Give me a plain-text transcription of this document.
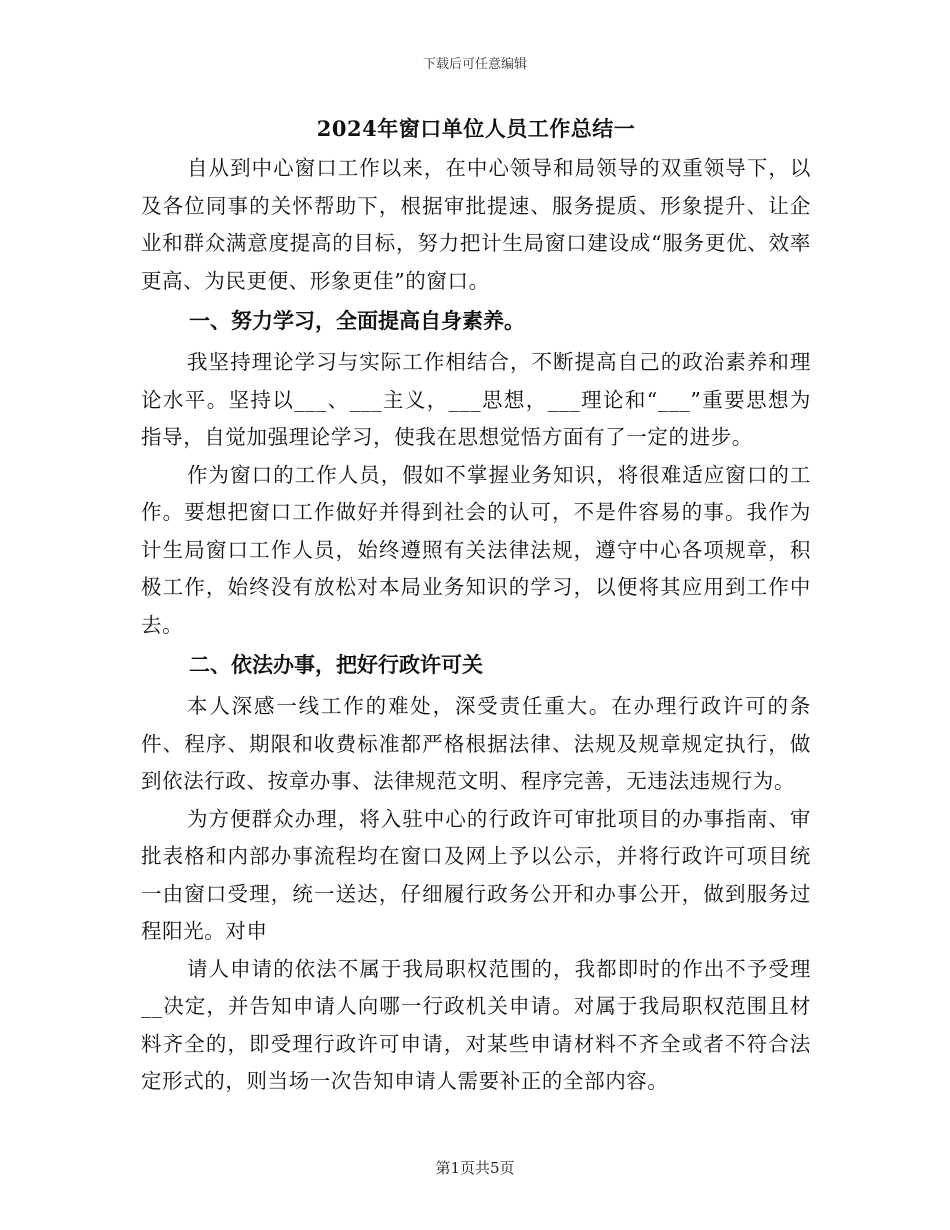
下载后可任意编辑
2024年窗口单位人员工作总结一

自从到中心窗口工作以来，在中心领导和局领导的双重领导下，以及各位同事的关怀帮助下，根据审批提速、服务提质、形象提升、让企业和群众满意度提高的目标，努力把计生局窗口建设成“服务更优、效率更高、为民更便、形象更佳”的窗口。

一、努力学习，全面提高自身素养。

我坚持理论学习与实际工作相结合，不断提高自己的政治素养和理论水平。坚持以___、___主义，___思想，___理论和“___”重要思想为指导，自觉加强理论学习，使我在思想觉悟方面有了一定的进步。

作为窗口的工作人员，假如不掌握业务知识，将很难适应窗口的工作。要想把窗口工作做好并得到社会的认可，不是件容易的事。我作为计生局窗口工作人员，始终遵照有关法律法规，遵守中心各项规章，积极工作，始终没有放松对本局业务知识的学习，以便将其应用到工作中去。

二、依法办事，把好行政许可关

本人深感一线工作的难处，深受责任重大。在办理行政许可的条件、程序、期限和收费标准都严格根据法律、法规及规章规定执行，做到依法行政、按章办事、法律规范文明、程序完善，无违法违规行为。

为方便群众办理，将入驻中心的行政许可审批项目的办事指南、审批表格和内部办事流程均在窗口及网上予以公示，并将行政许可项目统一由窗口受理，统一送达，仔细履行政务公开和办事公开，做到服务过程阳光。对申

请人申请的依法不属于我局职权范围的，我都即时的作出不予受理__决定，并告知申请人向哪一行政机关申请。对属于我局职权范围且材料齐全的，即受理行政许可申请，对某些申请材料不齐全或者不符合法定形式的，则当场一次告知申请人需要补正的全部内容。

第1页共5页
